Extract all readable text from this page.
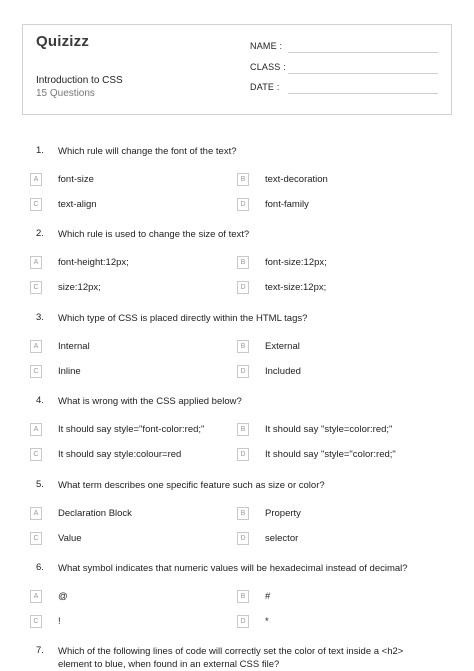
Quizizz
Introduction to CSS
15 Questions
NAME :
CLASS :
DATE :
1. Which rule will change the font of the text?
A	font-size	B	text-decoration
C	text-align	D	font-family
2. Which rule is used to change the size of text?
A	font-height:12px;	B	font-size:12px;
C	size:12px;	D	text-size:12px;
3. Which type of CSS is placed directly within the HTML tags?
A	Internal	B	External
C	Inline	D	Included
4. What is wrong with the CSS applied below?
A	It should say style="font-color:red;"	B	It should say "style=color:red;"
C	It should say style:colour=red	D	It should say "style="color:red;"
5. What term describes one specific feature such as size or color?
A	Declaration Block	B	Property
C	Value	D	selector
6. What symbol indicates that numeric values will be hexadecimal instead of decimal?
A	@	B	#
C	!	D	*
7. Which of the following lines of code will correctly set the color of text inside a <h2> element to blue, when found in an external CSS file?
